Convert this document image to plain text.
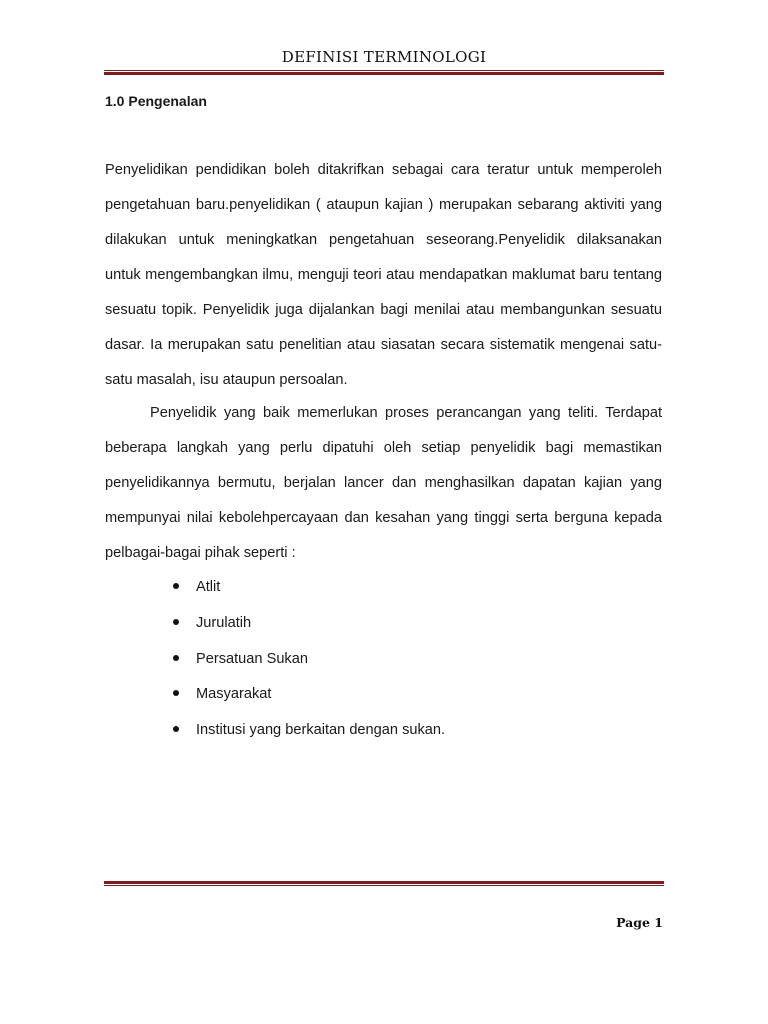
DEFINISI TERMINOLOGI
1.0 Pengenalan

Penyelidikan pendidikan boleh ditakrifkan sebagai cara teratur untuk memperoleh pengetahuan baru.penyelidikan ( ataupun kajian ) merupakan sebarang aktiviti yang dilakukan untuk meningkatkan pengetahuan seseorang.Penyelidik dilaksanakan untuk mengembangkan ilmu, menguji teori atau mendapatkan maklumat baru tentang sesuatu topik. Penyelidik juga dijalankan bagi menilai atau membangunkan sesuatu dasar. Ia merupakan satu penelitian atau siasatan secara sistematik mengenai satu-satu masalah, isu ataupun persoalan.

Penyelidik yang baik memerlukan proses perancangan yang teliti. Terdapat beberapa langkah yang perlu dipatuhi oleh setiap penyelidik bagi memastikan penyelidikannya bermutu, berjalan lancer dan menghasilkan dapatan kajian yang mempunyai nilai kebolehpercayaan dan kesahan yang tinggi serta berguna kepada pelbagai-bagai pihak seperti :

Atlit
Jurulatih
Persatuan Sukan
Masyarakat
Institusi yang berkaitan dengan sukan.
Page 1
